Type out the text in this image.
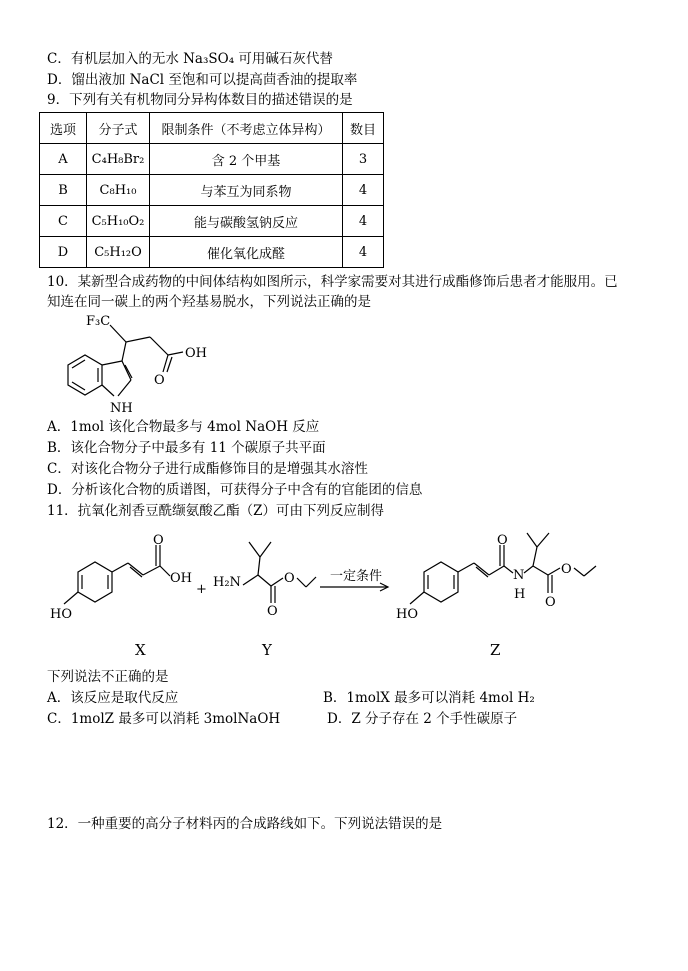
C．有机层加入的无水 Na₃SO₄ 可用碱石灰代替
D．馏出液加 NaCl 至饱和可以提高茴香油的提取率
9．下列有关有机物同分异构体数目的描述错误的是
选项	分子式	限制条件（不考虑立体异构）	数目
A	C₄H₈Br₂	含 2 个甲基	3
B	C₈H₁₀	与苯互为同系物	4
C	C₅H₁₀O₂	能与碳酸氢钠反应	4
D	C₅H₁₂O	催化氧化成醛	4
10．某新型合成药物的中间体结构如图所示，科学家需要对其进行成酯修饰后患者才能服用。已
知连在同一碳上的两个羟基易脱水，下列说法正确的是
F₃C
OH
O
NH
A．1mol 该化合物最多与 4mol NaOH 反应
B．该化合物分子中最多有 11 个碳原子共平面
C．对该化合物分子进行成酯修饰目的是增强其水溶性
D．分析该化合物的质谱图，可获得分子中含有的官能团的信息
11．抗氧化剂香豆酰缬氨酸乙酯（Z）可由下列反应制得
OH
HO
O
+ H₂N
O
O	一定条件
HO
O
N
H
O
O
X	Y	Z
下列说法不正确的是
A．该反应是取代反应	B．1molX 最多可以消耗 4mol H₂
C．1molZ 最多可以消耗 3molNaOH	D．Z 分子存在 2 个手性碳原子
12．一种重要的高分子材料丙的合成路线如下。下列说法错误的是
